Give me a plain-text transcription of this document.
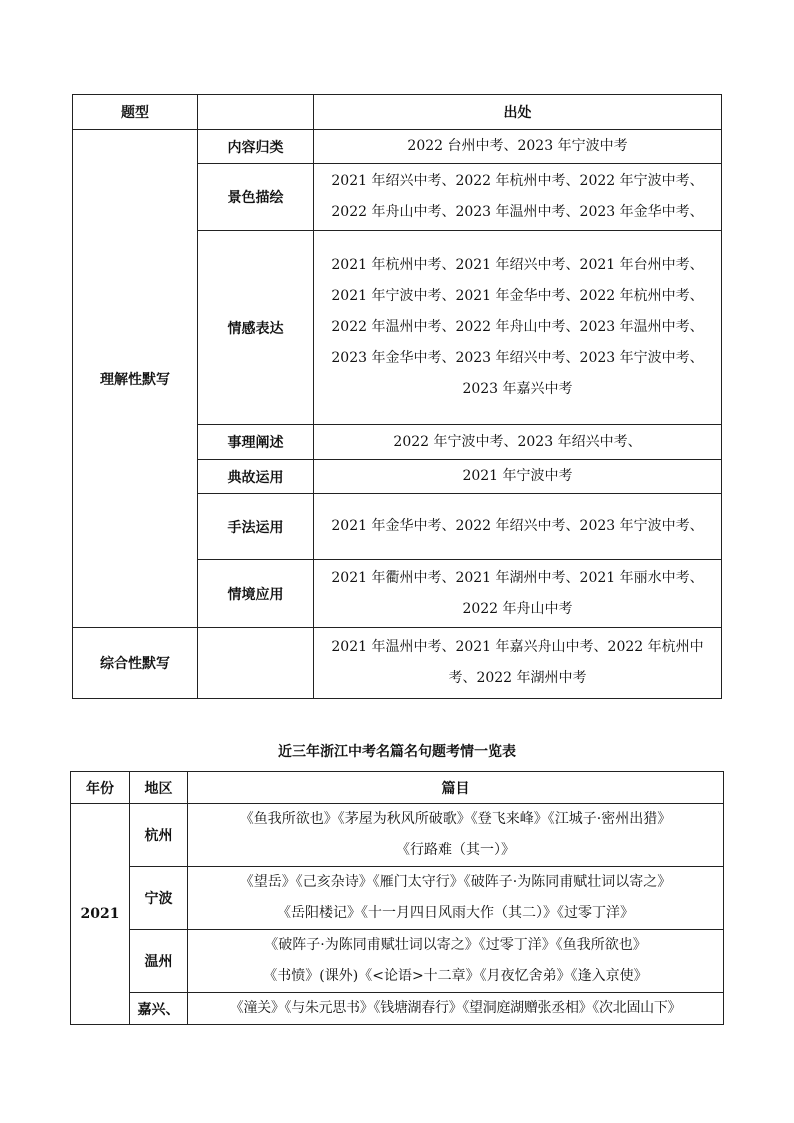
题型		出处
理解性默写	内容归类	2022 台州中考、2023 年宁波中考

	景色描绘	2021 年绍兴中考、2022 年杭州中考、2022 年宁波中考、
2022 年舟山中考、2023 年温州中考、2023 年金华中考、

	情感表达	2021 年杭州中考、2021 年绍兴中考、2021 年台州中考、
2021 年宁波中考、2021 年金华中考、2022 年杭州中考、
2022 年温州中考、2022 年舟山中考、2023 年温州中考、
2023 年金华中考、2023 年绍兴中考、2023 年宁波中考、
2023 年嘉兴中考

	事理阐述	2022 年宁波中考、2023 年绍兴中考、

	典故运用	2021 年宁波中考

	手法运用	2021 年金华中考、2022 年绍兴中考、2023 年宁波中考、

	情境应用	2021 年衢州中考、2021 年湖州中考、2021 年丽水中考、
2022 年舟山中考

综合性默写		2021 年温州中考、2021 年嘉兴舟山中考、2022 年杭州中
考、2022 年湖州中考
近三年浙江中考名篇名句题考情一览表
年份	地区	篇目
2021	杭州	《鱼我所欲也》《茅屋为秋风所破歌》《登飞来峰》《江城子·密州出猎》
《行路难（其一）》

	宁波	《望岳》《己亥杂诗》《雁门太守行》《破阵子·为陈同甫赋壮词以寄之》
《岳阳楼记》《十一月四日风雨大作（其二）》《过零丁洋》

	温州	《破阵子·为陈同甫赋壮词以寄之》《过零丁洋》《鱼我所欲也》
《书愤》(课外)《<论语>十二章》《月夜忆舍弟》《逢入京使》

	嘉兴、	《潼关》《与朱元思书》《钱塘湖春行》《望洞庭湖赠张丞相》《次北固山下》
